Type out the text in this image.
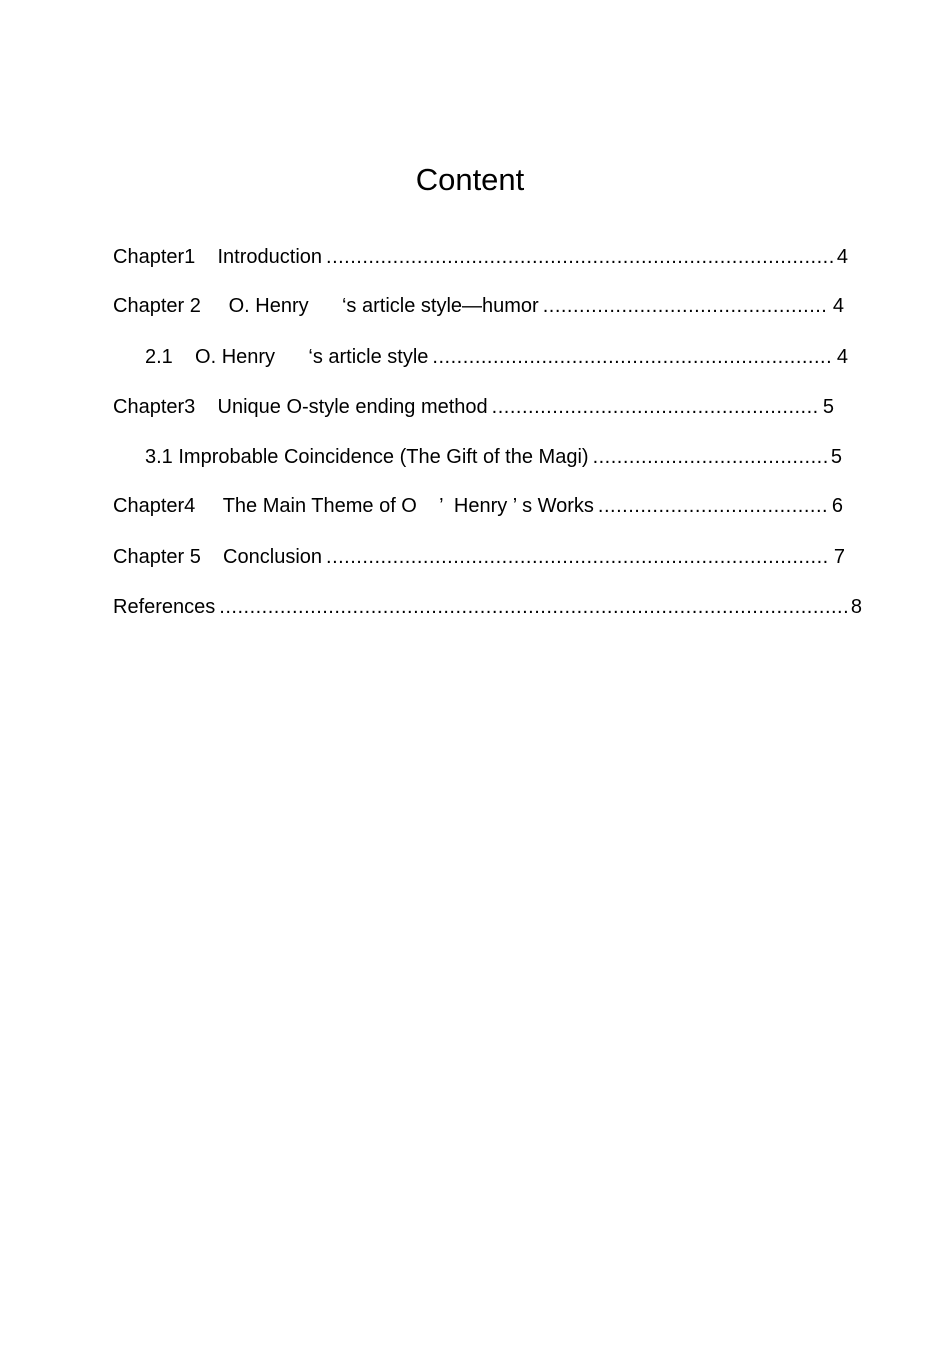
Content
Chapter1    Introduction .....	4
Chapter 2     O. Henry      ‘s article style—humor .....	4
2.1    O. Henry      ‘s article style .....	4
Chapter3    Unique O-style ending method .....	5
3.1 Improbable Coincidence (The Gift of the Magi) .....	5
Chapter4     The Main Theme of O    ’  Henry ’ s Works .....	6
Chapter 5    Conclusion .....	7
References .....	8
